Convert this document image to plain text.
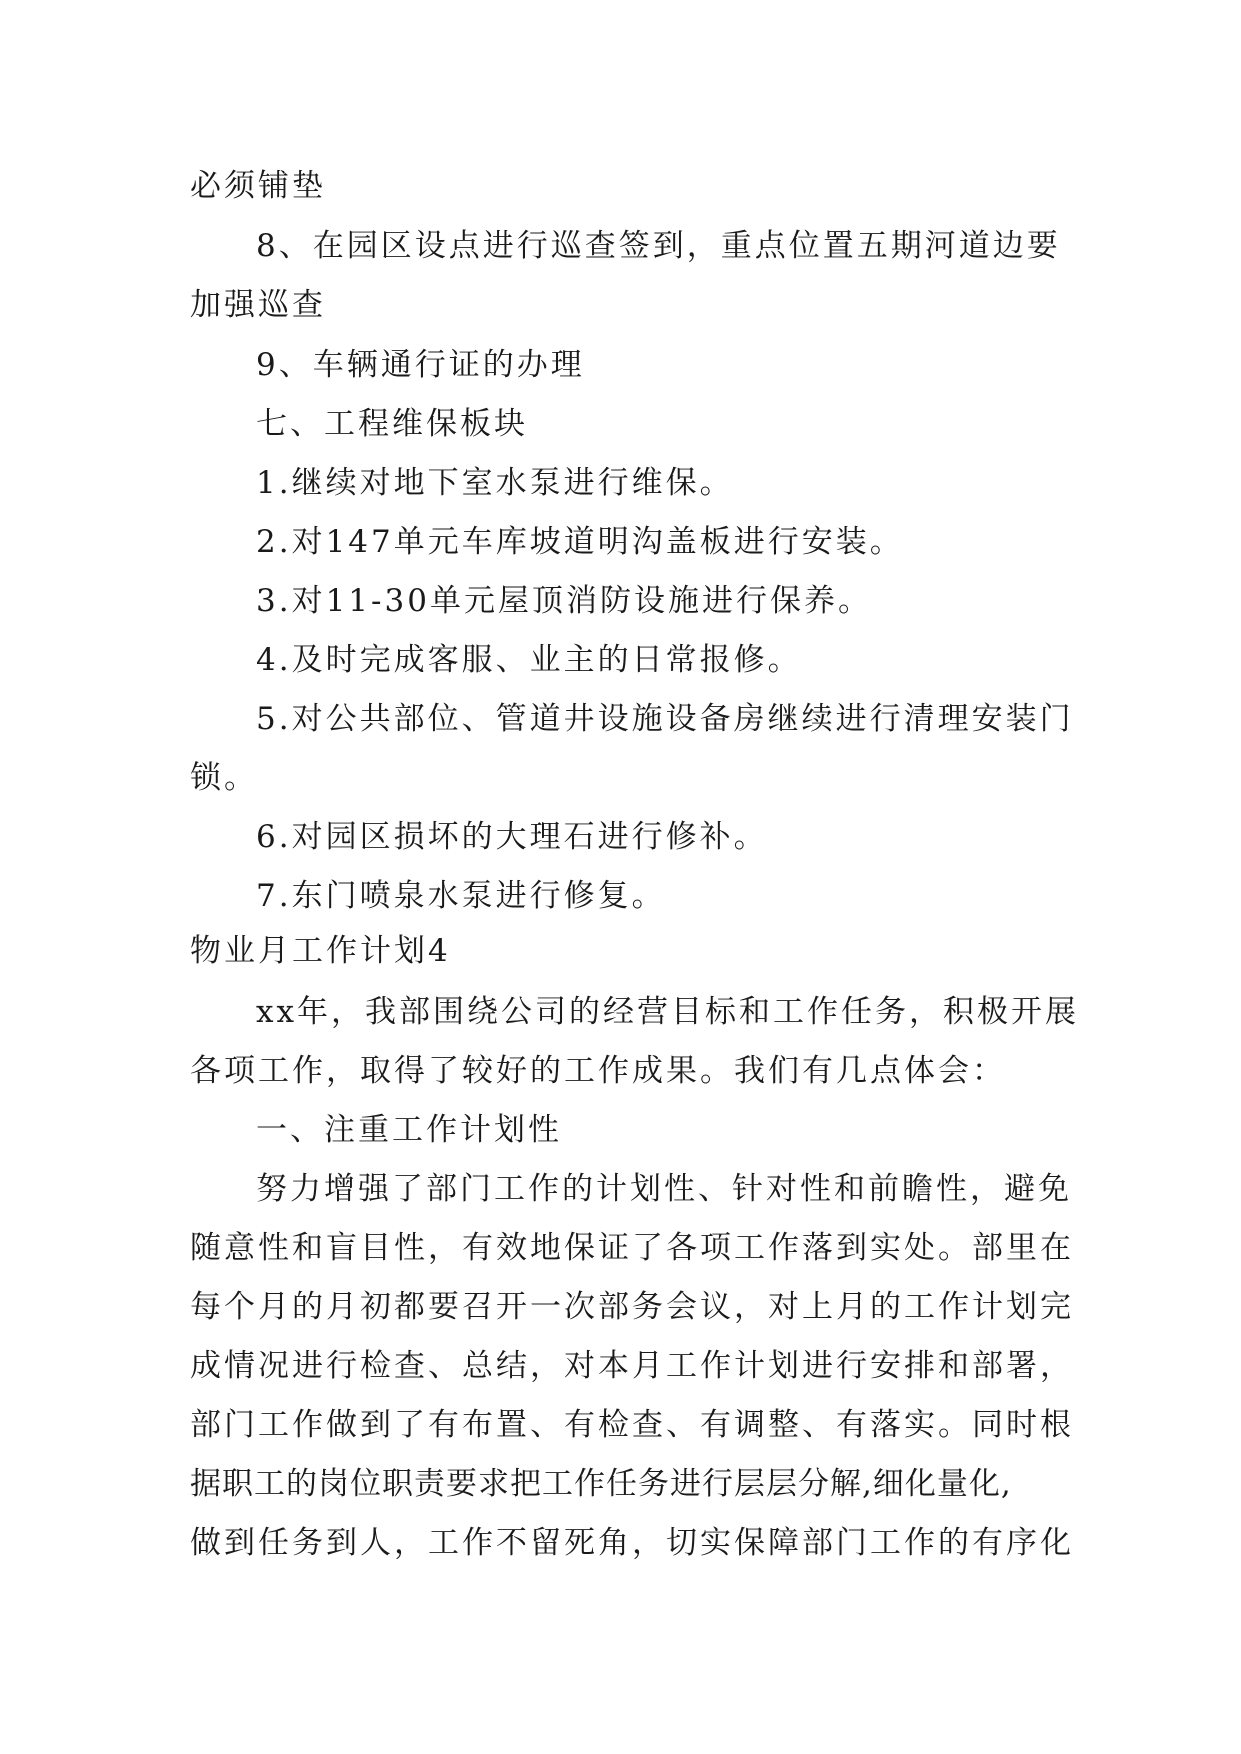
必须铺垫
8、在园区设点进行巡查签到，重点位置五期河道边要
加强巡查
9、车辆通行证的办理
七、工程维保板块
1.继续对地下室水泵进行维保。
2.对147单元车库坡道明沟盖板进行安装。
3.对11-30单元屋顶消防设施进行保养。
4.及时完成客服、业主的日常报修。
5.对公共部位、管道井设施设备房继续进行清理安装门
锁。
6.对园区损坏的大理石进行修补。
7.东门喷泉水泵进行修复。
物业月工作计划4
xx年，我部围绕公司的经营目标和工作任务，积极开展
各项工作，取得了较好的工作成果。我们有几点体会：
一、注重工作计划性
努力增强了部门工作的计划性、针对性和前瞻性，避免
随意性和盲目性，有效地保证了各项工作落到实处。部里在
每个月的月初都要召开一次部务会议，对上月的工作计划完
成情况进行检查、总结，对本月工作计划进行安排和部署，
部门工作做到了有布置、有检查、有调整、有落实。同时根
据职工的岗位职责要求把工作任务进行层层分解,细化量化,
做到任务到人，工作不留死角，切实保障部门工作的有序化
